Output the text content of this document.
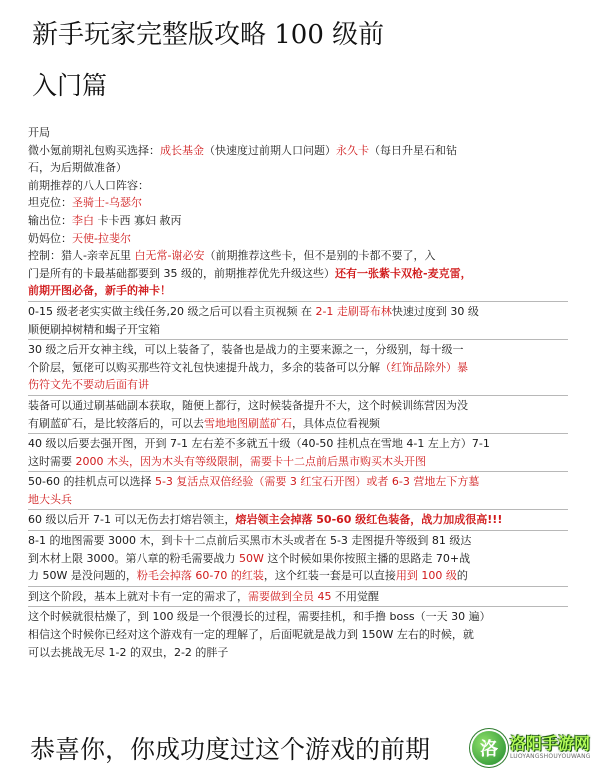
新手玩家完整版攻略 100 级前
入门篇

开局

微小氪前期礼包购买选择：成长基金（快速度过前期人口问题）永久卡（每日升星石和钻

石，为后期做准备）

前期推荐的八人口阵容：

坦克位：圣骑士-乌瑟尔

输出位：李白 卡卡西 寡妇 赦丙

奶妈位：天使-拉斐尔

控制：猎人-亲幸瓦里 白无常-谢必安（前期推荐这些卡，但不是别的卡都不要了，入

门是所有的卡最基础都要到 35 级的，前期推荐优先升级这些）还有一张紫卡双枪-麦克雷，

前期开图必备，新手的神卡！

0-15 级老老实实做主线任务,20 级之后可以看主页视频 在 2-1 走刷哥布林快速过度到 30 级

顺便刷掉树精和蝎子开宝箱

30 级之后开女神主线，可以上装备了，装备也是战力的主要来源之一，分级别，每十级一

个阶层，氪佬可以购买那些符文礼包快速提升战力，多余的装备可以分解（红饰品除外）暴

伤符文先不要动后面有讲

装备可以通过刷基础副本获取，随便上都行，这时候装备提升不大，这个时候训练营因为没

有刷蓝矿石，是比较落后的，可以去雪地地图刷蓝矿石，具体点位看视频

40 级以后要去强开图，开到 7-1 左右差不多就五十级（40-50 挂机点在雪地 4-1 左上方）7-1

这时需要 2000 木头，因为木头有等级限制，需要卡十二点前后黑市购买木头开图

50-60 的挂机点可以选择 5-3 复活点双倍经验（需要 3 红宝石开图）或者 6-3 营地左下方墓

地大头兵

60 级以后开 7-1 可以无伤去打熔岩领主，熔岩领主会掉落 50-60 级红色装备，战力加成很高!!!

8-1 的地图需要 3000 木，到卡十二点前后买黑市木头或者在 5-3 走图提升等级到 81 级达

到木材上限 3000。第八章的粉毛需要战力 50W 这个时候如果你按照主播的思路走 70+战

力 50W 是没问题的，粉毛会掉落 60-70 的红装，这个红装一套是可以直接用到 100 级的

到这个阶段，基本上就对卡有一定的需求了，需要做到全员 45 不用觉醒

这个时候就很枯燥了，到 100 级是一个很漫长的过程，需要挂机，和手撸 boss（一天 30 遍）

相信这个时候你已经对这个游戏有一定的理解了，后面呢就是战力到 150W 左右的时候，就

可以去挑战无尽 1-2 的双虫，2-2 的胖子

恭喜你，你成功度过这个游戏的前期	洛 洛阳手游网
LUOYANGSHOUYOUWANG
